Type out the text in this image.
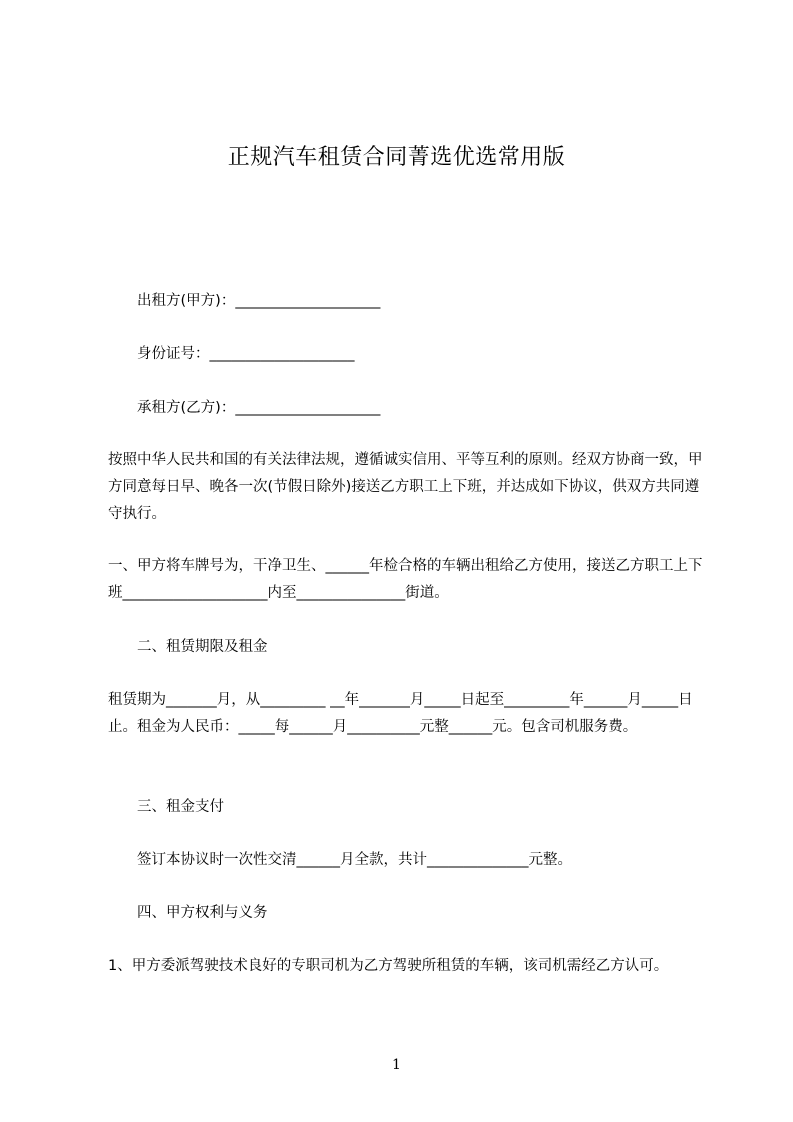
正规汽车租赁合同菁选优选常用版
出租方(甲方)：____________________
身份证号：____________________
承租方(乙方)：____________________
按照中华人民共和国的有关法律法规，遵循诚实信用、平等互利的原则。经双方协商一致，甲方同意每日早、晚各一次(节假日除外)接送乙方职工上下班，并达成如下协议，供双方共同遵守执行。
一、甲方将车牌号为，干净卫生、______年检合格的车辆出租给乙方使用，接送乙方职工上下班____________________内至_______________街道。
二、租赁期限及租金
租赁期为_______月，从_________ __年_______月_____日起至_________年______月_____日止。租金为人民币：_____每______月__________元整______元。包含司机服务费。
三、租金支付
签订本协议时一次性交清______月全款，共计______________元整。
四、甲方权利与义务
1、甲方委派驾驶技术良好的专职司机为乙方驾驶所租赁的车辆，该司机需经乙方认可。
1
